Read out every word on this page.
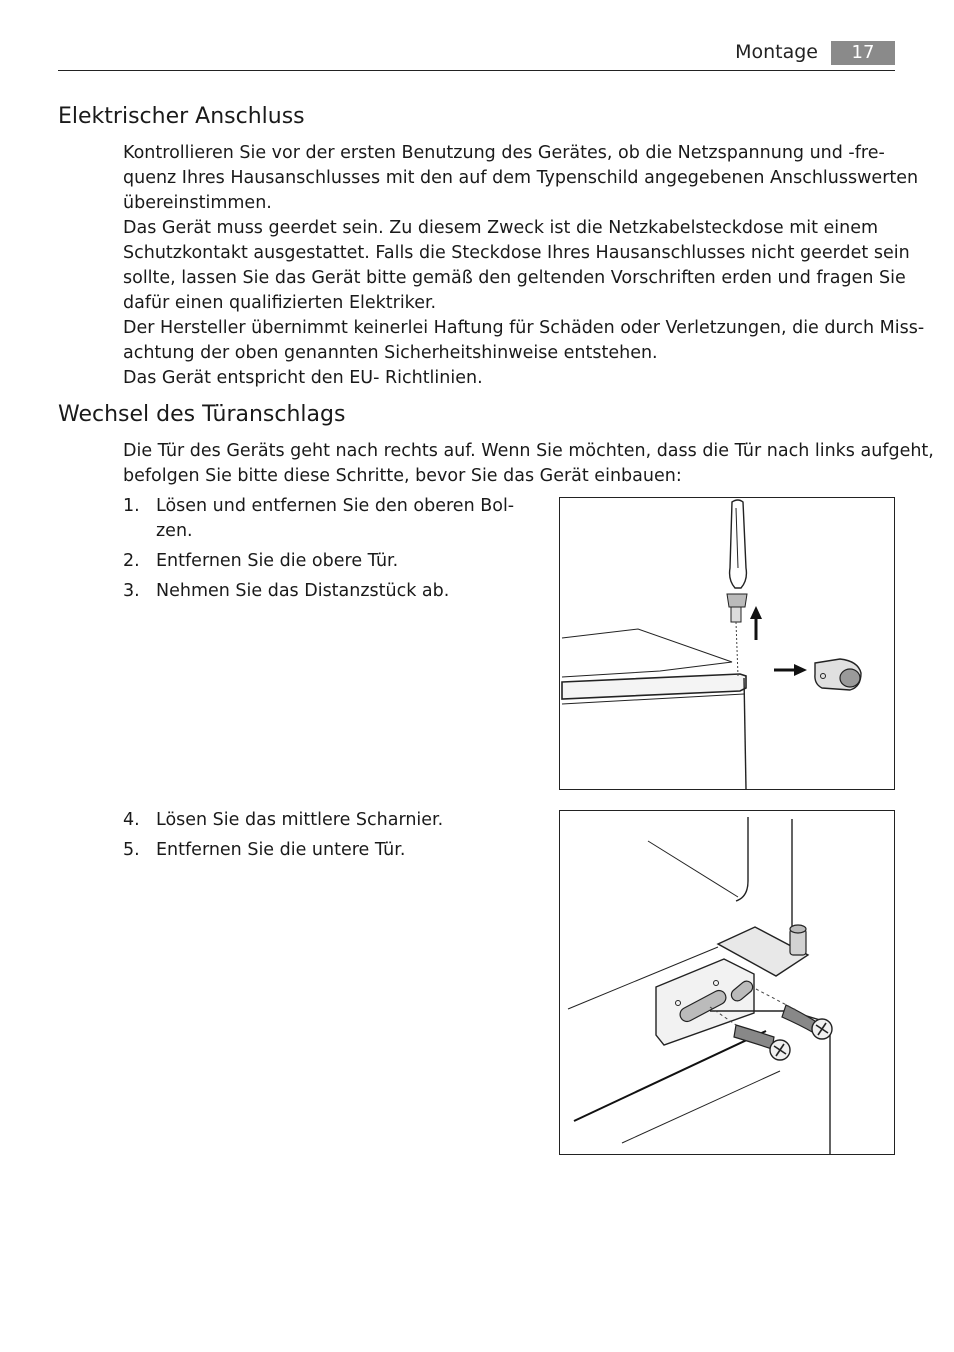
Montage	17
Elektrischer Anschluss
Kontrollieren Sie vor der ersten Benutzung des Gerätes, ob die Netzspannung und -fre-
quenz Ihres Hausanschlusses mit den auf dem Typenschild angegebenen Anschlusswerten
übereinstimmen.
Das Gerät muss geerdet sein. Zu diesem Zweck ist die Netzkabelsteckdose mit einem
Schutzkontakt ausgestattet. Falls die Steckdose Ihres Hausanschlusses nicht geerdet sein
sollte, lassen Sie das Gerät bitte gemäß den geltenden Vorschriften erden und fragen Sie
dafür einen qualifizierten Elektriker.
Der Hersteller übernimmt keinerlei Haftung für Schäden oder Verletzungen, die durch Miss-
achtung der oben genannten Sicherheitshinweise entstehen.
Das Gerät entspricht den EU- Richtlinien.
Wechsel des Türanschlags
Die Tür des Geräts geht nach rechts auf. Wenn Sie möchten, dass die Tür nach links aufgeht,
befolgen Sie bitte diese Schritte, bevor Sie das Gerät einbauen:
1. Lösen und entfernen Sie den oberen Bol-
zen.
2. Entfernen Sie die obere Tür.
3. Nehmen Sie das Distanzstück ab.
4. Lösen Sie das mittlere Scharnier.
5. Entfernen Sie die untere Tür.
